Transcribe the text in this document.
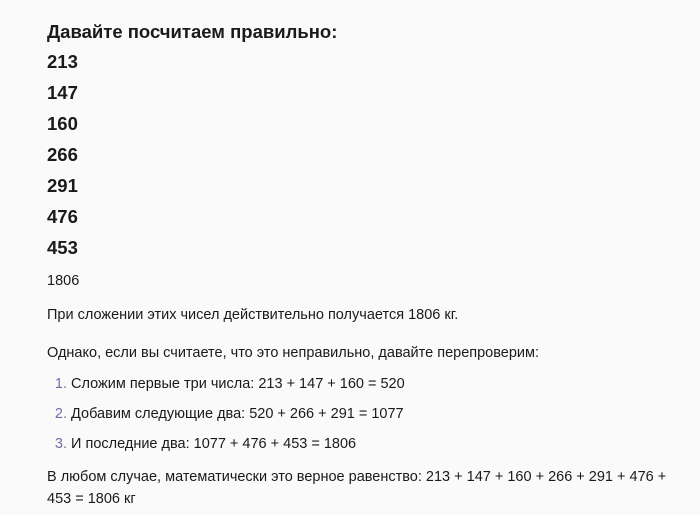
Давайте посчитаем правильно:
213
147
160
266
291
476
453
1806
При сложении этих чисел действительно получается 1806 кг.
Однако, если вы считаете, что это неправильно, давайте перепроверим:
1. Сложим первые три числа: 213 + 147 + 160 = 520
2. Добавим следующие два: 520 + 266 + 291 = 1077
3. И последние два: 1077 + 476 + 453 = 1806
В любом случае, математически это верное равенство: 213 + 147 + 160 + 266 + 291 + 476 + 453 = 1806 кг
